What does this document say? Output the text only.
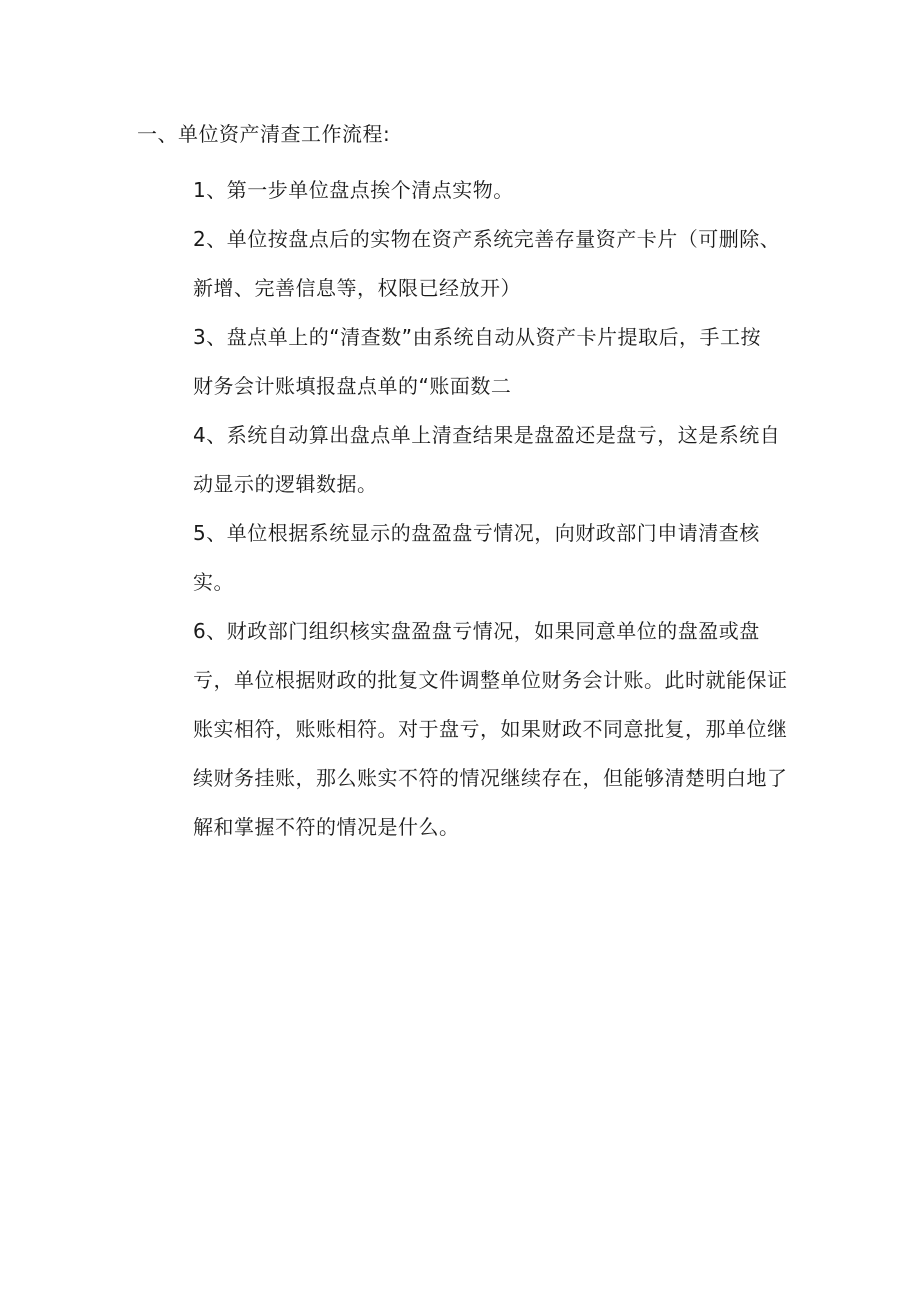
一、单位资产清查工作流程:
1、第一步单位盘点挨个清点实物。
2、单位按盘点后的实物在资产系统完善存量资产卡片（可删除、
新增、完善信息等，权限已经放开）
3、盘点单上的“清查数”由系统自动从资产卡片提取后，手工按
财务会计账填报盘点单的“账面数二
4、系统自动算出盘点单上清查结果是盘盈还是盘亏，这是系统自
动显示的逻辑数据。
5、单位根据系统显示的盘盈盘亏情况，向财政部门申请清查核
实。
6、财政部门组织核实盘盈盘亏情况，如果同意单位的盘盈或盘
亏，单位根据财政的批复文件调整单位财务会计账。此时就能保证
账实相符，账账相符。对于盘亏，如果财政不同意批复，那单位继
续财务挂账，那么账实不符的情况继续存在，但能够清楚明白地了
解和掌握不符的情况是什么。
